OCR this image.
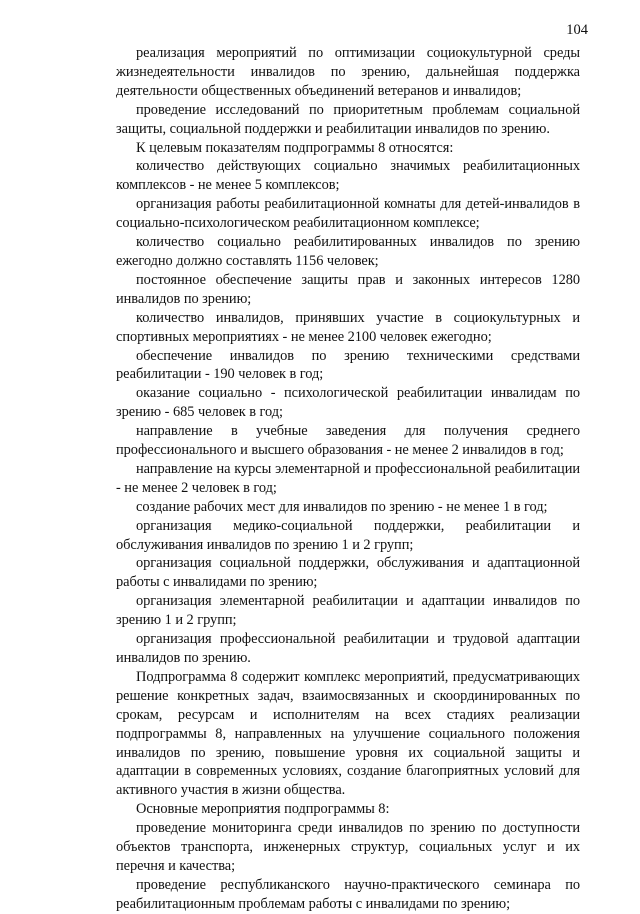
104

реализация мероприятий по оптимизации социокультурной среды жизнедеятельности инвалидов по зрению, дальнейшая поддержка деятельности общественных объединений ветеранов и инвалидов;

проведение исследований по приоритетным проблемам социальной защиты, социальной поддержки и реабилитации инвалидов по зрению.

К целевым показателям подпрограммы 8 относятся:

количество действующих социально значимых реабилитационных комплексов - не менее 5 комплексов;

организация работы реабилитационной комнаты для детей-инвалидов в социально-психологическом реабилитационном комплексе;

количество социально реабилитированных инвалидов по зрению ежегодно должно составлять 1156 человек;

постоянное обеспечение защиты прав и законных интересов 1280 инвалидов по зрению;

количество инвалидов, принявших участие в социокультурных и спортивных мероприятиях - не менее 2100 человек ежегодно;

обеспечение инвалидов по зрению техническими средствами реабилитации - 190 человек в год;

оказание социально - психологической реабилитации инвалидам по зрению - 685 человек в год;

направление в учебные заведения для получения среднего профессионального и высшего образования - не менее 2 инвалидов в год;

направление на курсы элементарной и профессиональной реабилитации - не менее 2 человек в год;

создание рабочих мест для инвалидов по зрению - не менее 1 в год;

организация медико-социальной поддержки, реабилитации и обслуживания инвалидов по зрению 1 и 2 групп;

организация социальной поддержки, обслуживания и адаптационной работы с инвалидами по зрению;

организация элементарной реабилитации и адаптации инвалидов по зрению 1 и 2 групп;

организация профессиональной реабилитации и трудовой адаптации инвалидов по зрению.

Подпрограмма 8 содержит комплекс мероприятий, предусматривающих решение конкретных задач, взаимосвязанных и скоординированных по срокам, ресурсам и исполнителям на всех стадиях реализации подпрограммы 8, направленных на улучшение социального положения инвалидов по зрению, повышение уровня их социальной защиты и адаптации в современных условиях, создание благоприятных условий для активного участия в жизни общества.

Основные мероприятия подпрограммы 8:

проведение мониторинга среди инвалидов по зрению по доступности объектов транспорта, инженерных структур, социальных услуг и их перечня и качества;

проведение республиканского научно-практического семинара по реабилитационным проблемам работы с инвалидами по зрению;
